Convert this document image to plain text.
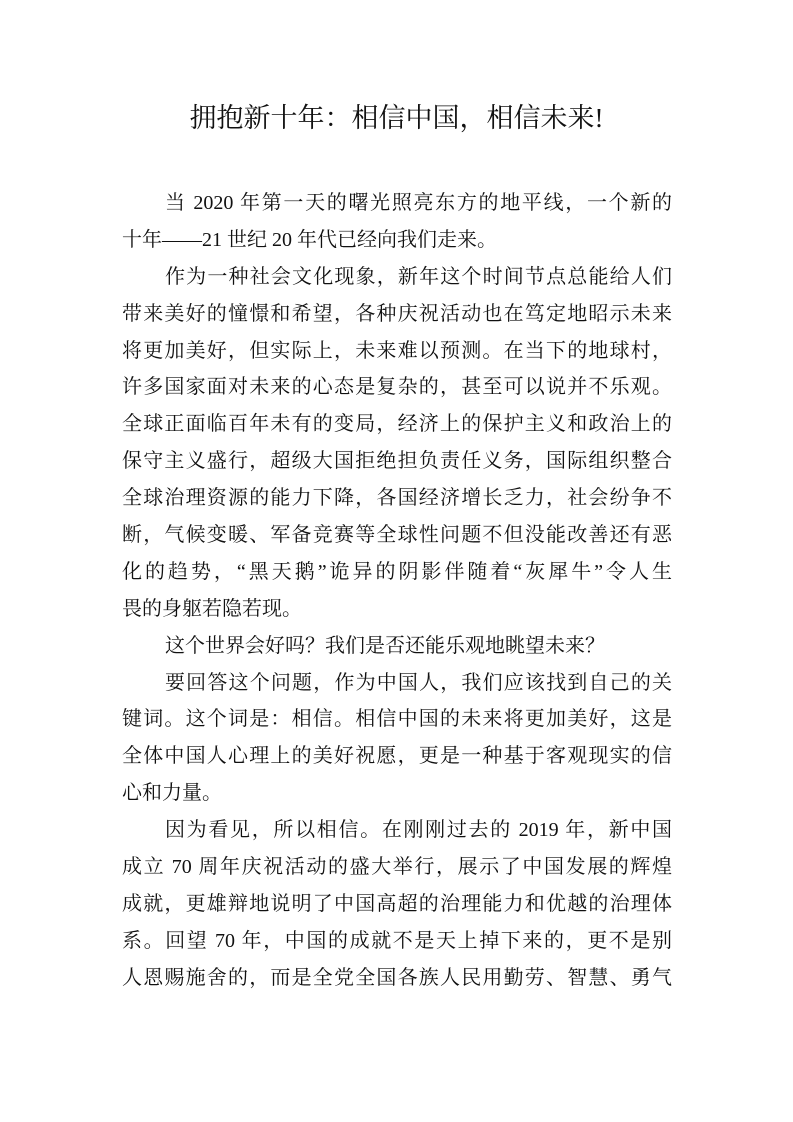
拥抱新十年：相信中国，相信未来!
当 2020 年第一天的曙光照亮东方的地平线，一个新的
十年——21 世纪 20 年代已经向我们走来。
作为一种社会文化现象，新年这个时间节点总能给人们
带来美好的憧憬和希望，各种庆祝活动也在笃定地昭示未来
将更加美好，但实际上，未来难以预测。在当下的地球村，
许多国家面对未来的心态是复杂的，甚至可以说并不乐观。
全球正面临百年未有的变局，经济上的保护主义和政治上的
保守主义盛行，超级大国拒绝担负责任义务，国际组织整合
全球治理资源的能力下降，各国经济增长乏力，社会纷争不
断，气候变暖、军备竞赛等全球性问题不但没能改善还有恶
化的趋势，“黑天鹅”诡异的阴影伴随着“灰犀牛”令人生
畏的身躯若隐若现。
这个世界会好吗？我们是否还能乐观地眺望未来？
要回答这个问题，作为中国人，我们应该找到自己的关
键词。这个词是：相信。相信中国的未来将更加美好，这是
全体中国人心理上的美好祝愿，更是一种基于客观现实的信
心和力量。
因为看见，所以相信。在刚刚过去的 2019 年，新中国
成立 70 周年庆祝活动的盛大举行，展示了中国发展的辉煌
成就，更雄辩地说明了中国高超的治理能力和优越的治理体
系。回望 70 年，中国的成就不是天上掉下来的，更不是别
人恩赐施舍的，而是全党全国各族人民用勤劳、智慧、勇气
